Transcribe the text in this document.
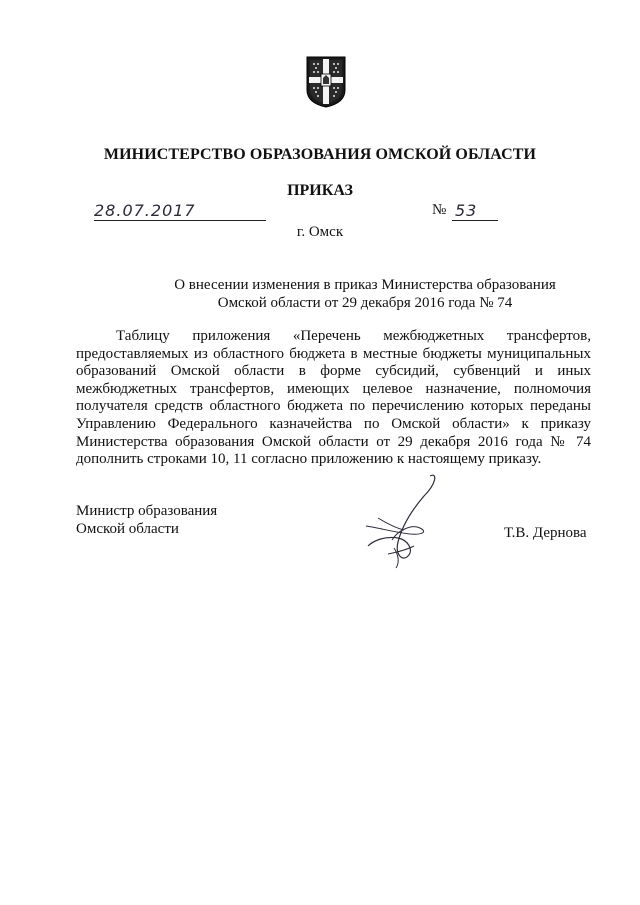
МИНИСТЕРСТВО ОБРАЗОВАНИЯ ОМСКОЙ ОБЛАСТИ
ПРИКАЗ
28.07.2017	№ 53
г. Омск
О внесении изменения в приказ Министерства образования
Омской области от 29 декабря 2016 года № 74
Таблицу приложения «Перечень межбюджетных трансфертов, предоставляемых из областного бюджета в местные бюджеты муниципальных образований Омской области в форме субсидий, субвенций и иных межбюджетных трансфертов, имеющих целевое назначение, полномочия получателя средств областного бюджета по перечислению которых переданы Управлению Федерального казначейства по Омской области» к приказу Министерства образования Омской области от 29 декабря 2016 года № 74 дополнить строками 10, 11 согласно приложению к настоящему приказу.
Министр образования
Омской области	Т.В. Дернова
